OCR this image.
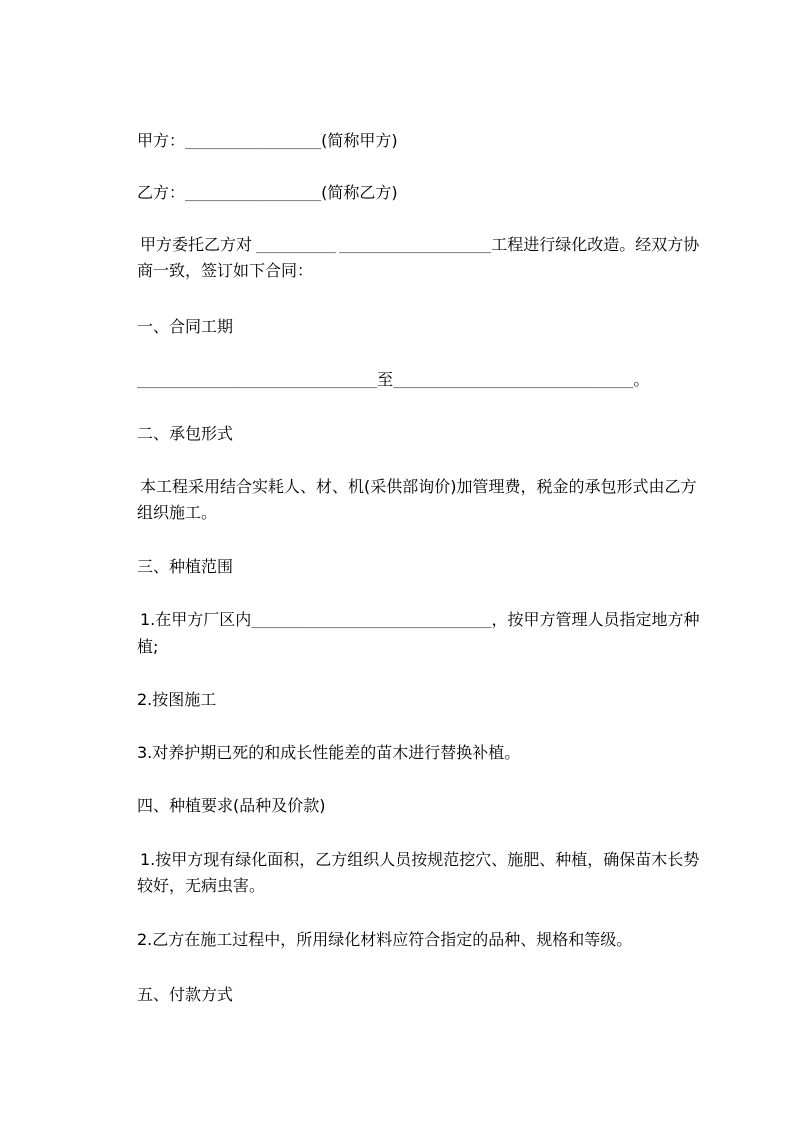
甲方：_________________(简称甲方)
乙方：_________________(简称乙方)
甲方委托乙方对 __________ ___________________工程进行绿化改造。经双方协
商一致，签订如下合同：
一、合同工期
______________________________至______________________________。
二、承包形式
本工程采用结合实耗人、材、机(采供部询价)加管理费，税金的承包形式由乙方
组织施工。
三、种植范围
1.在甲方厂区内______________________________，按甲方管理人员指定地方种
植;
2.按图施工
3.对养护期已死的和成长性能差的苗木进行替换补植。
四、种植要求(品种及价款)
1.按甲方现有绿化面积，乙方组织人员按规范挖穴、施肥、种植，确保苗木长势
较好，无病虫害。
2.乙方在施工过程中，所用绿化材料应符合指定的品种、规格和等级。
五、付款方式
